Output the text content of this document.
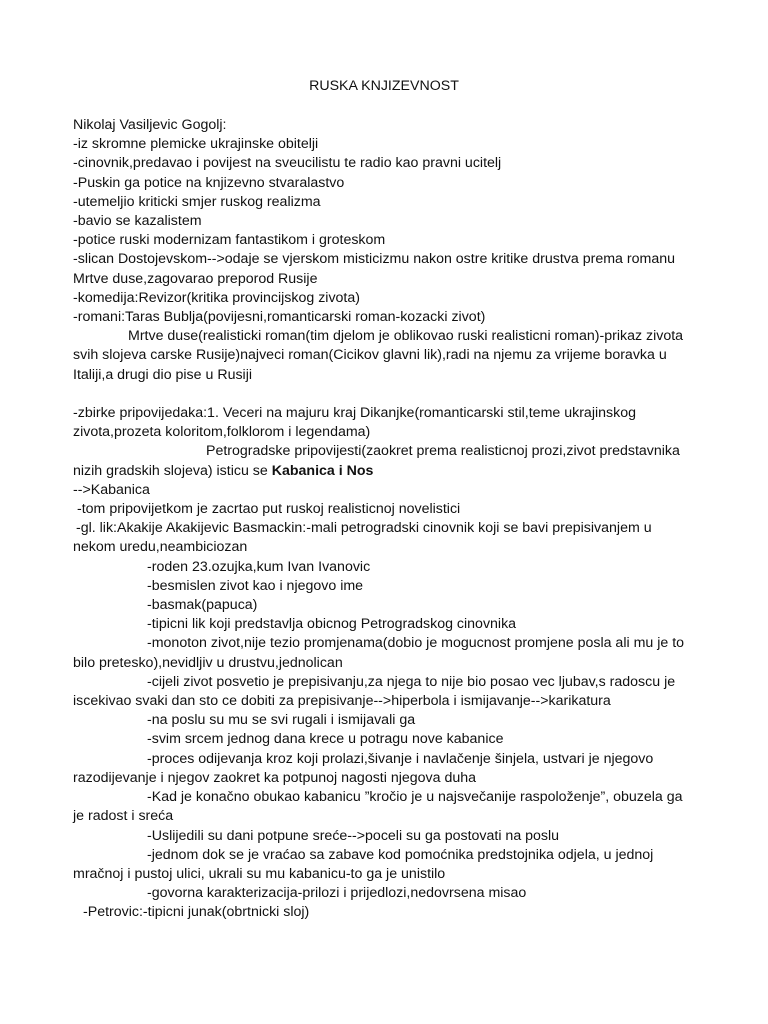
RUSKA KNJIZEVNOST
Nikolaj Vasiljevic Gogolj:
-iz skromne plemicke ukrajinske obitelji
-cinovnik,predavao i povijest na sveucilistu te radio kao pravni ucitelj
-Puskin ga potice na knjizevno stvaralastvo
-utemeljio kriticki smjer ruskog realizma
-bavio se kazalistem
-potice ruski modernizam fantastikom i groteskom
-slican Dostojevskom-->odaje se vjerskom misticizmu nakon ostre kritike drustva prema romanu
Mrtve duse,zagovarao preporod Rusije
-komedija:Revizor(kritika provincijskog zivota)
-romani:Taras Bublja(povijesni,romanticarski roman-kozacki zivot)
Mrtve duse(realisticki roman(tim djelom je oblikovao ruski realisticni roman)-prikaz zivota
svih slojeva carske Rusije)najveci roman(Cicikov glavni lik),radi na njemu za vrijeme boravka u
Italiji,a drugi dio pise u Rusiji
-zbirke pripovijedaka:1. Veceri na majuru kraj Dikanjke(romanticarski stil,teme ukrajinskog
zivota,prozeta koloritom,folklorom i legendama)
Petrogradske pripovijesti(zaokret prema realisticnoj prozi,zivot predstavnika
nizih gradskih slojeva) isticu se Kabanica i Nos
-->Kabanica
-tom pripovijetkom je zacrtao put ruskoj realisticnoj novelistici
-gl. lik:Akakije Akakijevic Basmackin:-mali petrogradski cinovnik koji se bavi prepisivanjem u
nekom uredu,neambiciozan
-roden 23.ozujka,kum Ivan Ivanovic
-besmislen zivot kao i njegovo ime
-basmak(papuca)
-tipicni lik koji predstavlja obicnog Petrogradskog cinovnika
-monoton zivot,nije tezio promjenama(dobio je mogucnost promjene posla ali mu je to
bilo pretesko),nevidljiv u drustvu,jednolican
-cijeli zivot posvetio je prepisivanju,za njega to nije bio posao vec ljubav,s radoscu je
iscekivao svaki dan sto ce dobiti za prepisivanje-->hiperbola i ismijavanje-->karikatura
-na poslu su mu se svi rugali i ismijavali ga
-svim srcem jednog dana krece u potragu nove kabanice
-proces odijevanja kroz koji prolazi,šivanje i navlačenje šinjela, ustvari je njegovo
razodijevanje i njegov zaokret ka potpunoj nagosti njegova duha
-Kad je konačno obukao kabanicu ”kročio je u najsvečanije raspoloženje”, obuzela ga
je radost i sreća
-Uslijedili su dani potpune sreće-->poceli su ga postovati na poslu
-jednom dok se je vraćao sa zabave kod pomoćnika predstojnika odjela, u jednoj
mračnoj i pustoj ulici, ukrali su mu kabanicu-to ga je unistilo
-govorna karakterizacija-prilozi i prijedlozi,nedovrsena misao
-Petrovic:-tipicni junak(obrtnicki sloj)
